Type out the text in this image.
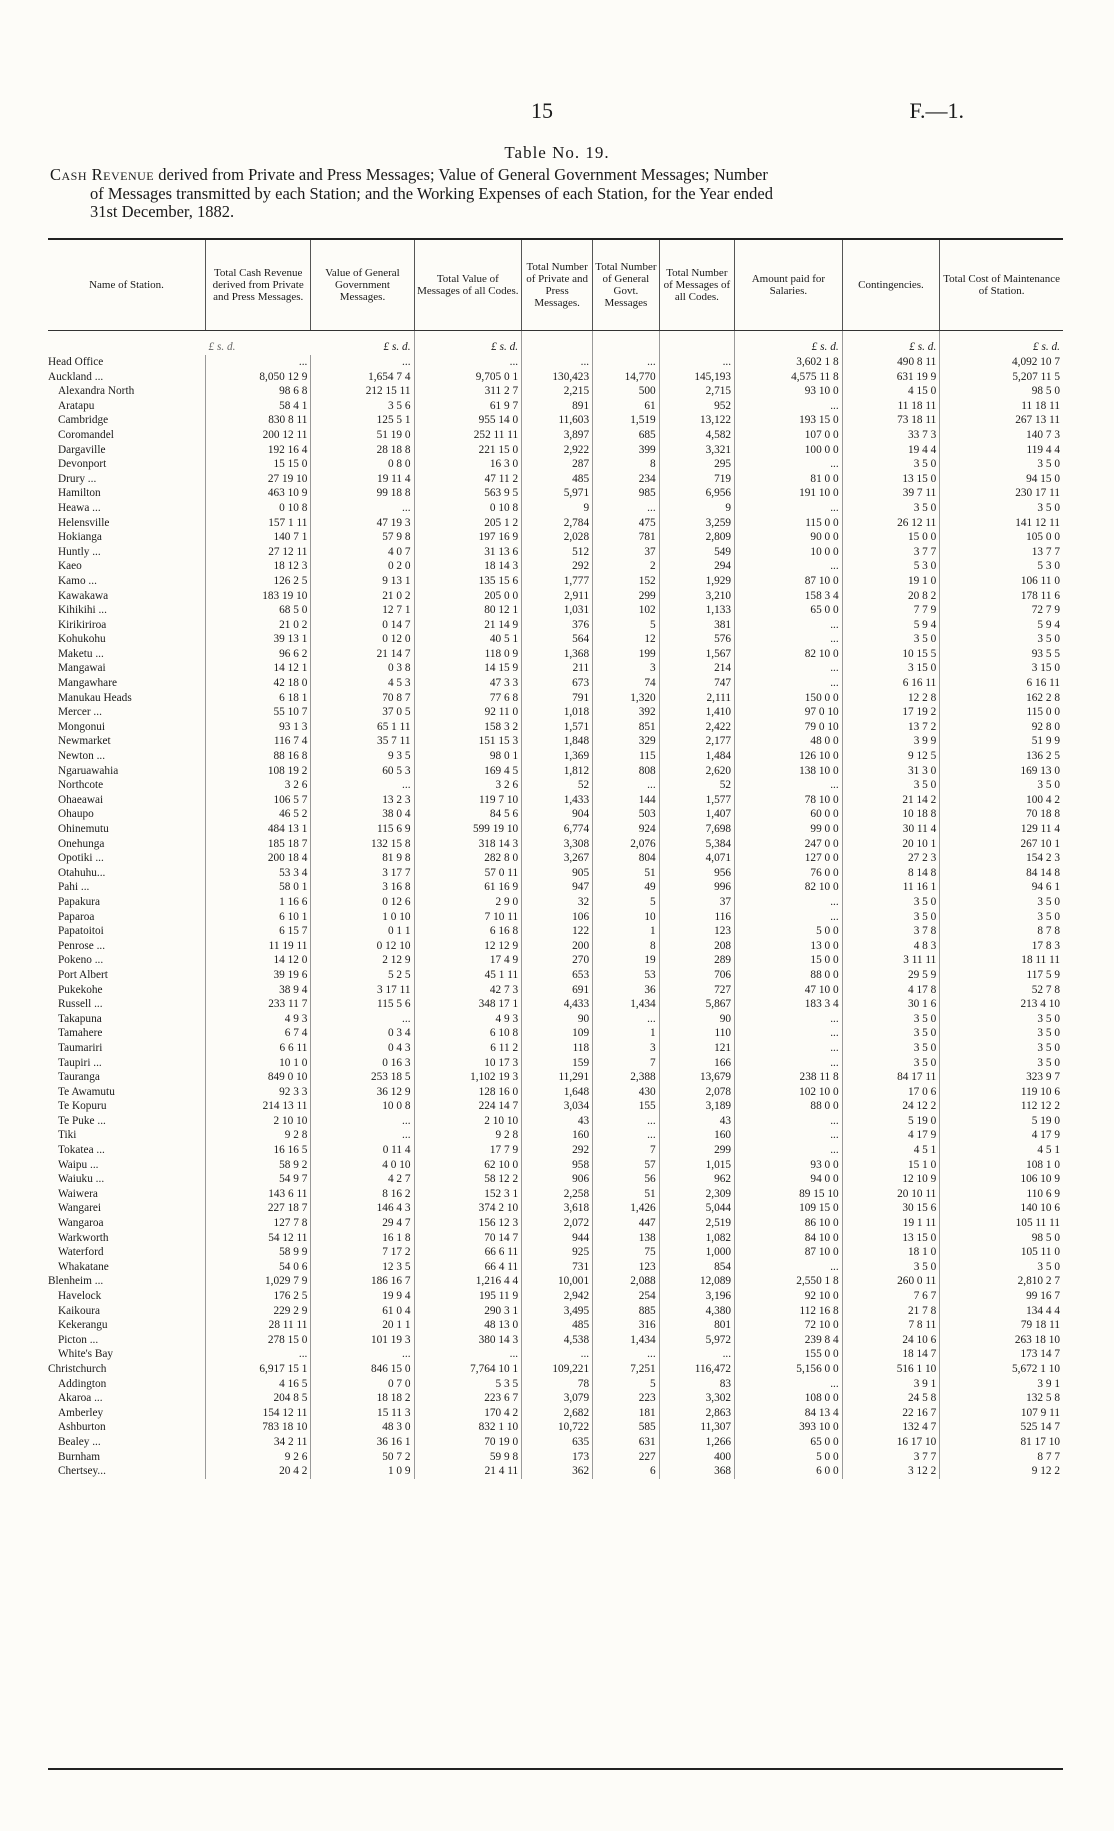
15	F.—1.
Table No. 19.
Cash Revenue derived from Private and Press Messages; Value of General Government Messages; Number
of Messages transmitted by each Station; and the Working Expenses of each Station, for the Year ended
31st December, 1882.
Name of Station.		Total Cash Revenue derived from Private and Press Messages.	Value of General Government Messages.	Total Value of Messages of all Codes.	Total Number of Private and Press Messages.	Total Number of General Govt. Messages	Total Number of Messages of all Codes.	Amount paid for Salaries.	Contingencies.	Total Cost of Maintenance of Station.
		£ s. d.	£ s. d.	£ s. d.				£ s. d.	£ s. d.	£ s. d.
Head Office			...	...	...	...	...	...	3,602 1 8	490 8 11	4,092 10 7
Auckland ...			8,050 12 9	1,654 7 4	9,705 0 1	130,423	14,770	145,193	4,575 11 8	631 19 9	5,207 11 5
Alexandra North			98 6 8	212 15 11	311 2 7	2,215	500	2,715	93 10 0	4 15 0	98 5 0
Aratapu			58 4 1	3 5 6	61 9 7	891	61	952	...	11 18 11	11 18 11
Cambridge			830 8 11	125 5 1	955 14 0	11,603	1,519	13,122	193 15 0	73 18 11	267 13 11
Coromandel			200 12 11	51 19 0	252 11 11	3,897	685	4,582	107 0 0	33 7 3	140 7 3
Dargaville			192 16 4	28 18 8	221 15 0	2,922	399	3,321	100 0 0	19 4 4	119 4 4
Devonport			15 15 0	0 8 0	16 3 0	287	8	295	...	3 5 0	3 5 0
Drury ...			27 19 10	19 11 4	47 11 2	485	234	719	81 0 0	13 15 0	94 15 0
Hamilton			463 10 9	99 18 8	563 9 5	5,971	985	6,956	191 10 0	39 7 11	230 17 11
Heawa ...			0 10 8	...	0 10 8	9	...	9	...	3 5 0	3 5 0
Helensville			157 1 11	47 19 3	205 1 2	2,784	475	3,259	115 0 0	26 12 11	141 12 11
Hokianga			140 7 1	57 9 8	197 16 9	2,028	781	2,809	90 0 0	15 0 0	105 0 0
Huntly ...			27 12 11	4 0 7	31 13 6	512	37	549	10 0 0	3 7 7	13 7 7
Kaeo			18 12 3	0 2 0	18 14 3	292	2	294	...	5 3 0	5 3 0
Kamo ...			126 2 5	9 13 1	135 15 6	1,777	152	1,929	87 10 0	19 1 0	106 11 0
Kawakawa			183 19 10	21 0 2	205 0 0	2,911	299	3,210	158 3 4	20 8 2	178 11 6
Kihikihi ...			68 5 0	12 7 1	80 12 1	1,031	102	1,133	65 0 0	7 7 9	72 7 9
Kirikiriroa			21 0 2	0 14 7	21 14 9	376	5	381	...	5 9 4	5 9 4
Kohukohu			39 13 1	0 12 0	40 5 1	564	12	576	...	3 5 0	3 5 0
Maketu ...			96 6 2	21 14 7	118 0 9	1,368	199	1,567	82 10 0	10 15 5	93 5 5
Mangawai			14 12 1	0 3 8	14 15 9	211	3	214	...	3 15 0	3 15 0
Mangawhare			42 18 0	4 5 3	47 3 3	673	74	747	...	6 16 11	6 16 11
Manukau Heads			6 18 1	70 8 7	77 6 8	791	1,320	2,111	150 0 0	12 2 8	162 2 8
Mercer ...			55 10 7	37 0 5	92 11 0	1,018	392	1,410	97 0 10	17 19 2	115 0 0
Mongonui			93 1 3	65 1 11	158 3 2	1,571	851	2,422	79 0 10	13 7 2	92 8 0
Newmarket			116 7 4	35 7 11	151 15 3	1,848	329	2,177	48 0 0	3 9 9	51 9 9
Newton ...			88 16 8	9 3 5	98 0 1	1,369	115	1,484	126 10 0	9 12 5	136 2 5
Ngaruawahia			108 19 2	60 5 3	169 4 5	1,812	808	2,620	138 10 0	31 3 0	169 13 0
Northcote			3 2 6	...	3 2 6	52	...	52	...	3 5 0	3 5 0
Ohaeawai			106 5 7	13 2 3	119 7 10	1,433	144	1,577	78 10 0	21 14 2	100 4 2
Ohaupo			46 5 2	38 0 4	84 5 6	904	503	1,407	60 0 0	10 18 8	70 18 8
Ohinemutu			484 13 1	115 6 9	599 19 10	6,774	924	7,698	99 0 0	30 11 4	129 11 4
Onehunga			185 18 7	132 15 8	318 14 3	3,308	2,076	5,384	247 0 0	20 10 1	267 10 1
Opotiki ...			200 18 4	81 9 8	282 8 0	3,267	804	4,071	127 0 0	27 2 3	154 2 3
Otahuhu...			53 3 4	3 17 7	57 0 11	905	51	956	76 0 0	8 14 8	84 14 8
Pahi ...			58 0 1	3 16 8	61 16 9	947	49	996	82 10 0	11 16 1	94 6 1
Papakura			1 16 6	0 12 6	2 9 0	32	5	37	...	3 5 0	3 5 0
Paparoa			6 10 1	1 0 10	7 10 11	106	10	116	...	3 5 0	3 5 0
Papatoitoi			6 15 7	0 1 1	6 16 8	122	1	123	5 0 0	3 7 8	8 7 8
Penrose ...			11 19 11	0 12 10	12 12 9	200	8	208	13 0 0	4 8 3	17 8 3
Pokeno ...			14 12 0	2 12 9	17 4 9	270	19	289	15 0 0	3 11 11	18 11 11
Port Albert			39 19 6	5 2 5	45 1 11	653	53	706	88 0 0	29 5 9	117 5 9
Pukekohe			38 9 4	3 17 11	42 7 3	691	36	727	47 10 0	4 17 8	52 7 8
Russell ...			233 11 7	115 5 6	348 17 1	4,433	1,434	5,867	183 3 4	30 1 6	213 4 10
Takapuna			4 9 3	...	4 9 3	90	...	90	...	3 5 0	3 5 0
Tamahere			6 7 4	0 3 4	6 10 8	109	1	110	...	3 5 0	3 5 0
Taumariri			6 6 11	0 4 3	6 11 2	118	3	121	...	3 5 0	3 5 0
Taupiri ...			10 1 0	0 16 3	10 17 3	159	7	166	...	3 5 0	3 5 0
Tauranga			849 0 10	253 18 5	1,102 19 3	11,291	2,388	13,679	238 11 8	84 17 11	323 9 7
Te Awamutu			92 3 3	36 12 9	128 16 0	1,648	430	2,078	102 10 0	17 0 6	119 10 6
Te Kopuru			214 13 11	10 0 8	224 14 7	3,034	155	3,189	88 0 0	24 12 2	112 12 2
Te Puke ...			2 10 10	...	2 10 10	43	...	43	...	5 19 0	5 19 0
Tiki			9 2 8	...	9 2 8	160	...	160	...	4 17 9	4 17 9
Tokatea ...			16 16 5	0 11 4	17 7 9	292	7	299	...	4 5 1	4 5 1
Waipu ...			58 9 2	4 0 10	62 10 0	958	57	1,015	93 0 0	15 1 0	108 1 0
Waiuku ...			54 9 7	4 2 7	58 12 2	906	56	962	94 0 0	12 10 9	106 10 9
Waiwera			143 6 11	8 16 2	152 3 1	2,258	51	2,309	89 15 10	20 10 11	110 6 9
Wangarei			227 18 7	146 4 3	374 2 10	3,618	1,426	5,044	109 15 0	30 15 6	140 10 6
Wangaroa			127 7 8	29 4 7	156 12 3	2,072	447	2,519	86 10 0	19 1 11	105 11 11
Warkworth			54 12 11	16 1 8	70 14 7	944	138	1,082	84 10 0	13 15 0	98 5 0
Waterford			58 9 9	7 17 2	66 6 11	925	75	1,000	87 10 0	18 1 0	105 11 0
Whakatane			54 0 6	12 3 5	66 4 11	731	123	854	...	3 5 0	3 5 0
Blenheim ...			1,029 7 9	186 16 7	1,216 4 4	10,001	2,088	12,089	2,550 1 8	260 0 11	2,810 2 7
Havelock			176 2 5	19 9 4	195 11 9	2,942	254	3,196	92 10 0	7 6 7	99 16 7
Kaikoura			229 2 9	61 0 4	290 3 1	3,495	885	4,380	112 16 8	21 7 8	134 4 4
Kekerangu			28 11 11	20 1 1	48 13 0	485	316	801	72 10 0	7 8 11	79 18 11
Picton ...			278 15 0	101 19 3	380 14 3	4,538	1,434	5,972	239 8 4	24 10 6	263 18 10
White's Bay			...	...	...	...	...	...	155 0 0	18 14 7	173 14 7
Christchurch			6,917 15 1	846 15 0	7,764 10 1	109,221	7,251	116,472	5,156 0 0	516 1 10	5,672 1 10
Addington			4 16 5	0 7 0	5 3 5	78	5	83	...	3 9 1	3 9 1
Akaroa ...			204 8 5	18 18 2	223 6 7	3,079	223	3,302	108 0 0	24 5 8	132 5 8
Amberley			154 12 11	15 11 3	170 4 2	2,682	181	2,863	84 13 4	22 16 7	107 9 11
Ashburton			783 18 10	48 3 0	832 1 10	10,722	585	11,307	393 10 0	132 4 7	525 14 7
Bealey ...			34 2 11	36 16 1	70 19 0	635	631	1,266	65 0 0	16 17 10	81 17 10
Burnham			9 2 6	50 7 2	59 9 8	173	227	400	5 0 0	3 7 7	8 7 7
Chertsey...			20 4 2	1 0 9	21 4 11	362	6	368	6 0 0	3 12 2	9 12 2
